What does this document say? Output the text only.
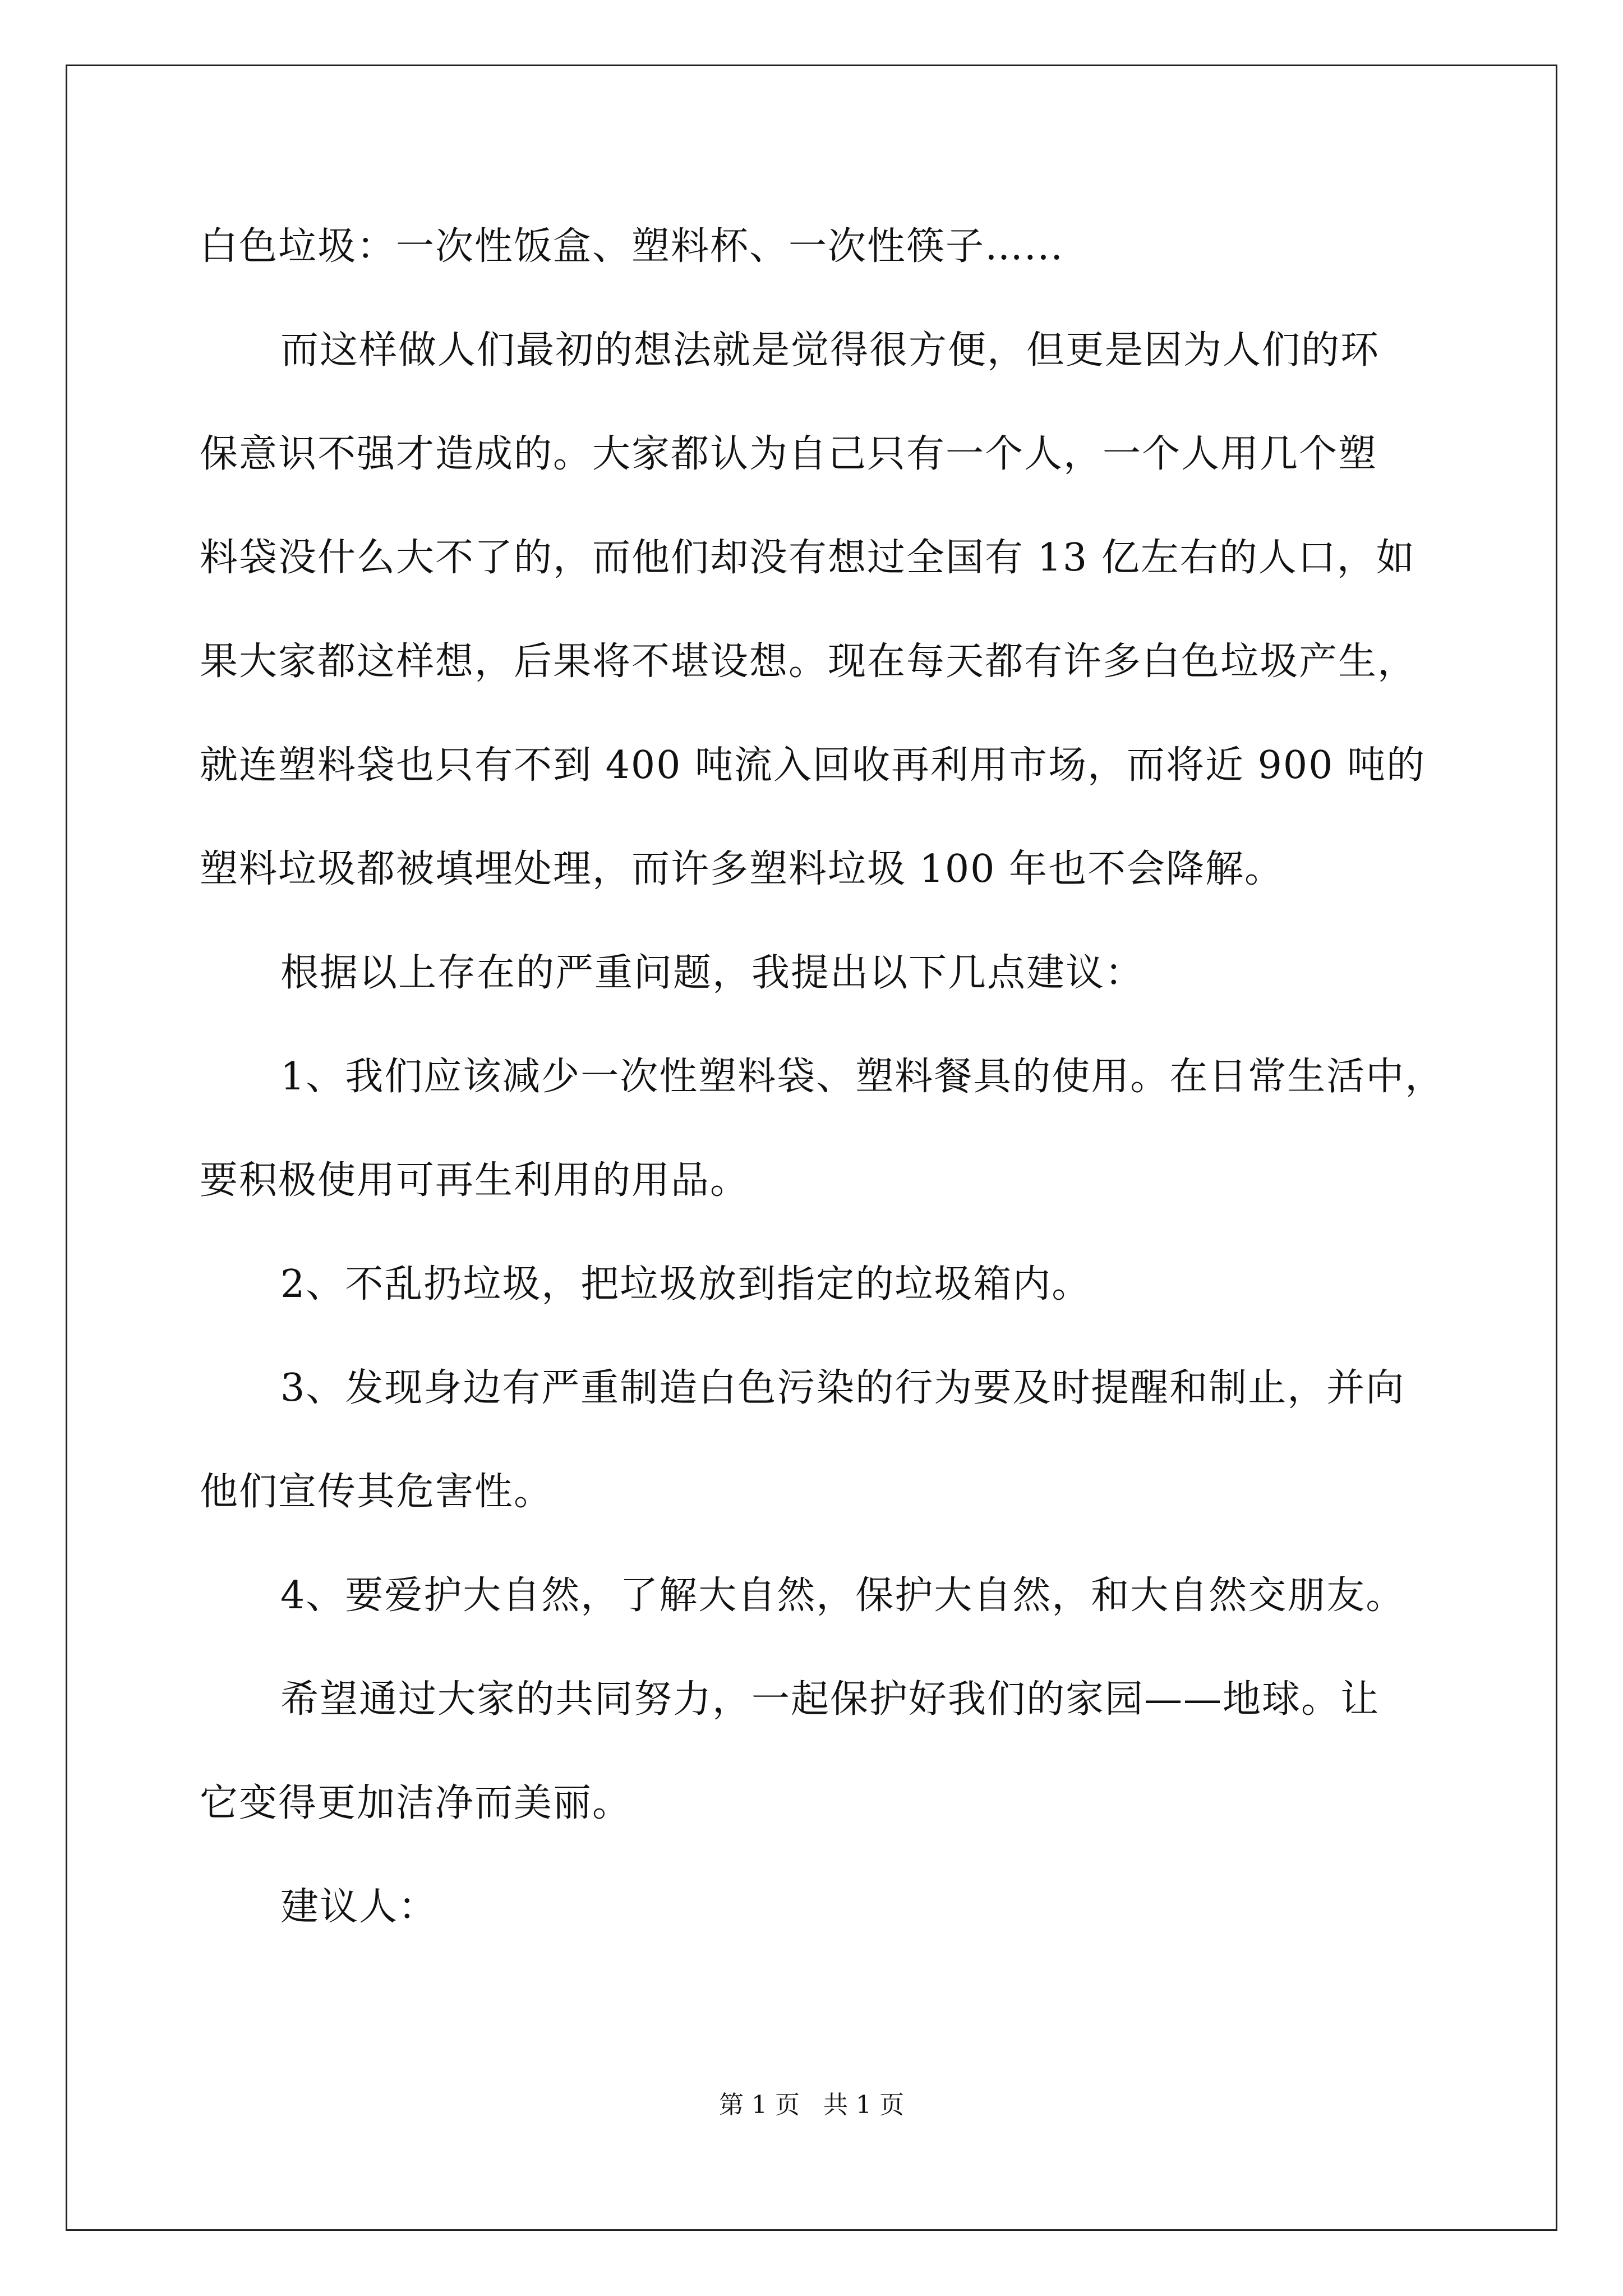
白色垃圾：一次性饭盒、塑料杯、一次性筷子…...
而这样做人们最初的想法就是觉得很方便，但更是因为人们的环
保意识不强才造成的。大家都认为自己只有一个人，一个人用几个塑
料袋没什么大不了的，而他们却没有想过全国有 13 亿左右的人口，如
果大家都这样想，后果将不堪设想。现在每天都有许多白色垃圾产生，
就连塑料袋也只有不到 400 吨流入回收再利用市场，而将近 900 吨的
塑料垃圾都被填埋处理，而许多塑料垃圾 100 年也不会降解。
根据以上存在的严重问题，我提出以下几点建议：
1、我们应该减少一次性塑料袋、塑料餐具的使用。在日常生活中，
要积极使用可再生利用的用品。
2、不乱扔垃圾，把垃圾放到指定的垃圾箱内。
3、发现身边有严重制造白色污染的行为要及时提醒和制止，并向
他们宣传其危害性。
4、要爱护大自然，了解大自然，保护大自然，和大自然交朋友。
希望通过大家的共同努力，一起保护好我们的家园——地球。让
它变得更加洁净而美丽。
建议人：
第 1 页   共 1 页
